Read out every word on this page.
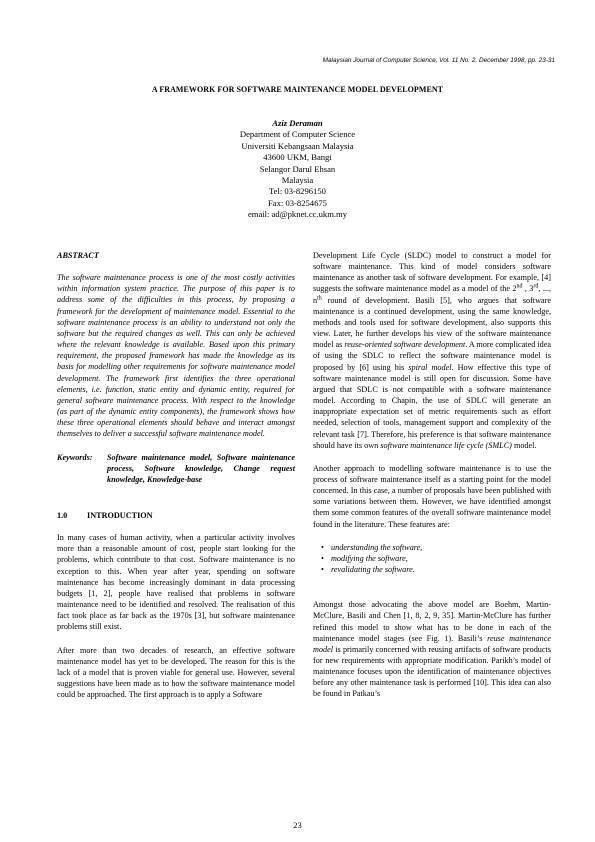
Malaysian Journal of Computer Science, Vol. 11 No. 2, December 1998, pp. 23-31
A FRAMEWORK FOR SOFTWARE MAINTENANCE MODEL DEVELOPMENT
Aziz Deraman
Department of Computer Science
Universiti Kebangsaan Malaysia
43600 UKM, Bangi
Selangor Darul Ehsan
Malaysia
Tel: 03-8296150
Fax: 03-8254675
email: ad@pknet.cc.ukm.my
ABSTRACT

The software maintenance process is one of the most costly activities within information system practice. The purpose of this paper is to address some of the difficulties in this process, by proposing a framework for the development of maintenance model. Essential to the software maintenance process is an ability to understand not only the software but the required changes as well. This can only be achieved where the relevant knowledge is available. Based upon this primary requirement, the proposed framework has made the knowledge as its basis for modelling other requirements for software maintenance model development. The framework first identifies the three operational elements, i.e. function, static entity and dynamic entity, required for general software maintenance process. With respect to the knowledge (as part of the dynamic entity components), the framework shows how these three operational elements should behave and interact amongst themselves to deliver a successful software maintenance model.

Keywords:	Software maintenance model, Software maintenance process, Software knowledge, Change request knowledge, Knowledge-base
1.0 INTRODUCTION

In many cases of human activity, when a particular activity involves more than a reasonable amount of cost, people start looking for the problems, which contribute to that cost. Software maintenance is no exception to this. When year after year, spending on software maintenance has become increasingly dominant in data processing budgets [1, 2], people have realised that problems in software maintenance need to be identified and resolved. The realisation of this fact took place as far back as the 1970s [3], but software maintenance problems still exist.

After more than two decades of research, an effective software maintenance model has yet to be developed. The reason for this is the lack of a model that is proven viable for general use. However, several suggestions have been made as to how the software maintenance model could be approached. The first approach is to apply a Software

Development Life Cycle (SLDC) model to construct a model for software maintenance. This kind of model considers software maintenance as another task of software development. For example, [4] suggests the software maintenance model as a model of the 2nd , 3rd, ..., $n^{th}$ round of development. Basili [5], who argues that software maintenance is a continued development, using the same knowledge, methods and tools used for software development, also supports this view. Later, he further develops his view of the software maintenance model as reuse-oriented software development. A more complicated idea of using the SDLC to reflect the software maintenance model is proposed by [6] using his spiral model. How effective this type of software maintenance model is still open for discussion. Some have argued that SDLC is not compatible with a software maintenance model. According to Chapin, the use of SDLC will generate an inappropriate expectation set of metric requirements such as effort needed, selection of tools, management support and complexity of the relevant task [7]. Therefore, his preference is that software maintenance should have its own software maintenance life cycle (SMLC) model.

Another approach to modelling software maintenance is to use the process of software maintenance itself as a starting point for the model concerned. In this case, a number of proposals have been published with some variations between them. However, we have identified amongst them some common features of the overall software maintenance model found in the literature. These features are:

• understanding the software,
• modifying the software,
• revalidating the software.

Amongst those advocating the above model are Boehm, Martin-McClure, Basili and Chen [1, 8, 2, 9, 35]. Martin-McClure has further refined this model to show what has to be done in each of the maintenance model stages (see Fig. 1). Basili’s reuse maintenance model is primarily concerned with reusing artifacts of software products for new requirements with appropriate modification. Parikh’s model of maintenance focuses upon the identification of maintenance objectives before any other maintenance task is performed [10]. This idea can also be found in Patkau’s

23
